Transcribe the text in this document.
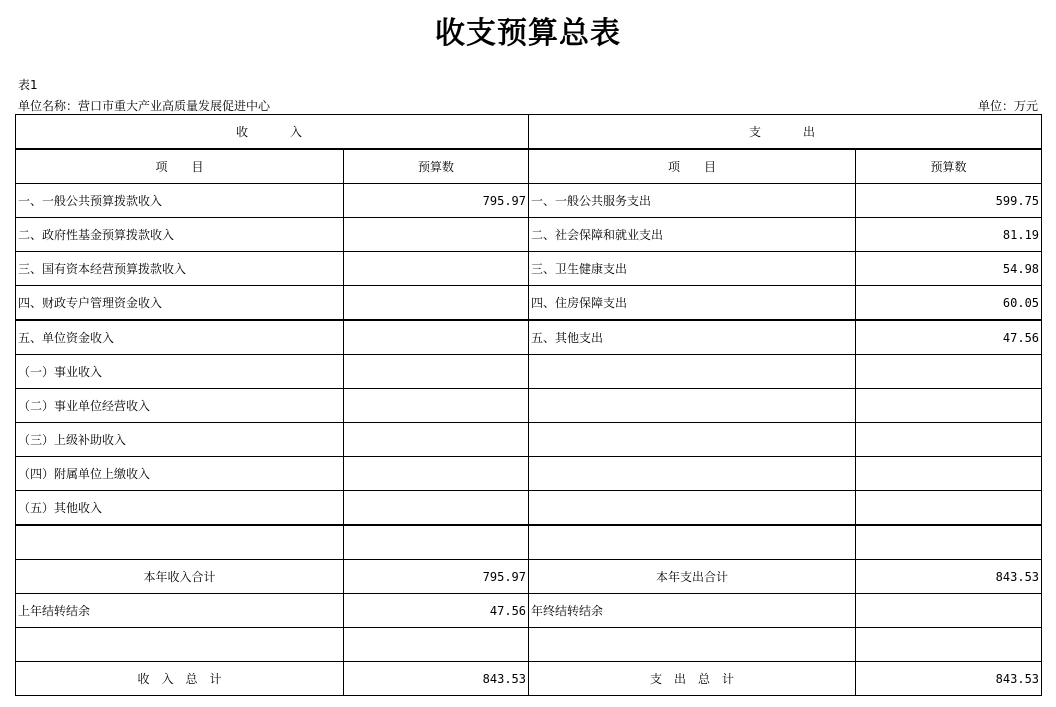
收支预算总表
表1
单位名称：营口市重大产业高质量发展促进中心	单位：万元
收　　入		支　　出	
项　　目	预算数	项　　目	预算数
一、一般公共预算拨款收入	795.97	一、一般公共服务支出	599.75
二、政府性基金预算拨款收入		二、社会保障和就业支出	81.19
三、国有资本经营预算拨款收入		三、卫生健康支出	54.98
四、财政专户管理资金收入		四、住房保障支出	60.05
五、单位资金收入		五、其他支出	47.56
（一）事业收入			
（二）事业单位经营收入			
（三）上级补助收入			
（四）附属单位上缴收入			
（五）其他收入			

本年收入合计	795.97	本年支出合计	843.53
上年结转结余	47.56	年终结转结余	

收　入　总　计	843.53	支　出　总　计	843.53
